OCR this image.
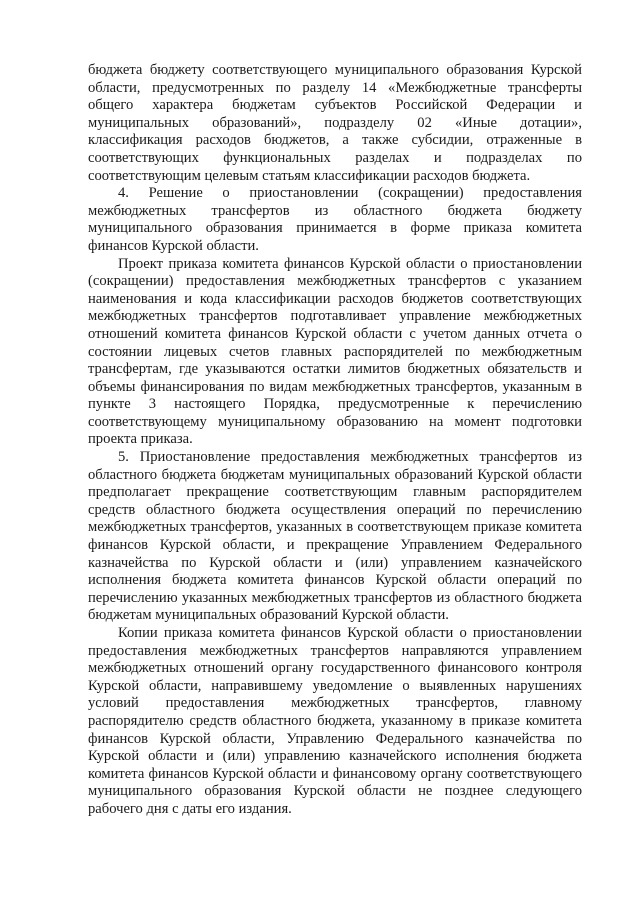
бюджета бюджету соответствующего муниципального образования Курской области, предусмотренных по разделу 14 «Межбюджетные трансферты общего характера бюджетам субъектов Российской Федерации и муниципальных образований», подразделу 02 «Иные дотации», классификация расходов бюджетов, а также субсидии, отраженные в соответствующих функциональных разделах и подразделах по соответствующим целевым статьям классификации расходов бюджета.

4. Решение о приостановлении (сокращении) предоставления межбюджетных трансфертов из областного бюджета бюджету муниципального образования принимается в форме приказа комитета финансов Курской области.

Проект приказа комитета финансов Курской области о приостановлении (сокращении) предоставления межбюджетных трансфертов с указанием наименования и кода классификации расходов бюджетов соответствующих межбюджетных трансфертов подготавливает управление межбюджетных отношений комитета финансов Курской области с учетом данных отчета о состоянии лицевых счетов главных распорядителей по межбюджетным трансфертам, где указываются остатки лимитов бюджетных обязательств и объемы финансирования по видам межбюджетных трансфертов, указанным в пункте 3 настоящего Порядка, предусмотренные к перечислению соответствующему муниципальному образованию на момент подготовки проекта приказа.

5. Приостановление предоставления межбюджетных трансфертов из областного бюджета бюджетам муниципальных образований Курской области предполагает прекращение соответствующим главным распорядителем средств областного бюджета осуществления операций по перечислению межбюджетных трансфертов, указанных в соответствующем приказе комитета финансов Курской области, и прекращение Управлением Федерального казначейства по Курской области и (или) управлением казначейского исполнения бюджета комитета финансов Курской области операций по перечислению указанных межбюджетных трансфертов из областного бюджета бюджетам муниципальных образований Курской области.

Копии приказа комитета финансов Курской области о приостановлении предоставления межбюджетных трансфертов направляются управлением межбюджетных отношений органу государственного финансового контроля Курской области, направившему уведомление о выявленных нарушениях условий предоставления межбюджетных трансфертов, главному распорядителю средств областного бюджета, указанному в приказе комитета финансов Курской области, Управлению Федерального казначейства по Курской области и (или) управлению казначейского исполнения бюджета комитета финансов Курской области и финансовому органу соответствующего муниципального образования Курской области не позднее следующего рабочего дня с даты его издания.
